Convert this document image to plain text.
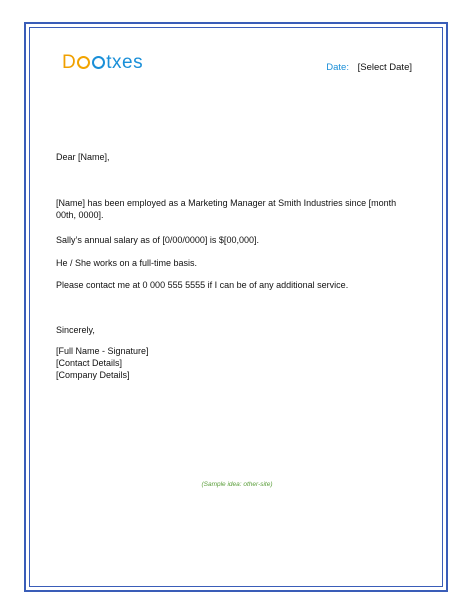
D txes	Date: [Select Date]
Dear [Name],
[Name] has been employed as a Marketing Manager at Smith Industries since [month 00th, 0000].
Sally’s annual salary as of [0/00/0000] is $[00,000].
He / She works on a full-time basis.
Please contact me at 0 000 555 5555 if I can be of any additional service.
Sincerely,
[Full Name - Signature]
[Contact Details]
[Company Details]
(Sample idea: other-site)
